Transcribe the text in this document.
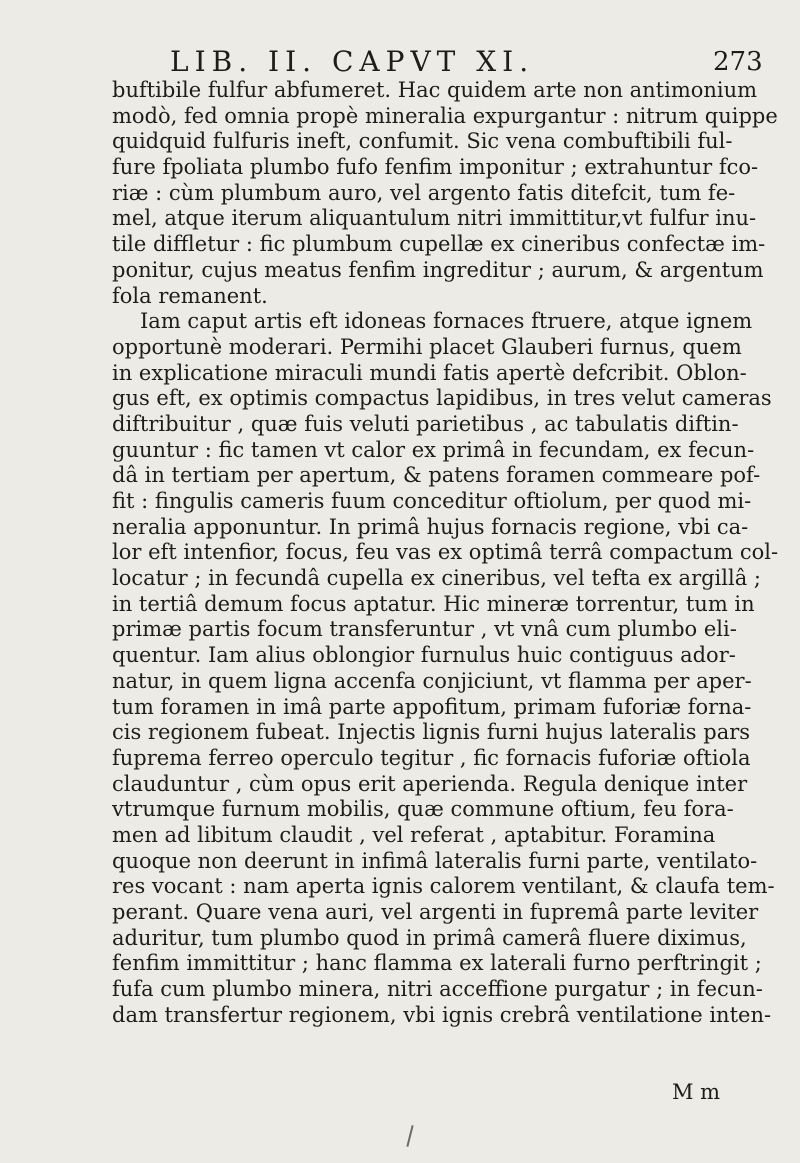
LIB. II. CAPVT XI.	273
buftibile fulfur abfumeret. Hac quidem arte non antimonium
modò, fed omnia propè mineralia expurgantur : nitrum quippe
quidquid fulfuris ineft, confumit. Sic vena combuftibili ful-
fure fpoliata plumbo fufo fenfim imponitur ; extrahuntur fco-
riæ : cùm plumbum auro, vel argento fatis ditefcit, tum fe-
mel, atque iterum aliquantulum nitri immittitur,vt fulfur inu-
tile diffletur : fic plumbum cupellæ ex cineribus confectæ im-
ponitur, cujus meatus fenfim ingreditur ; aurum, & argentum
fola remanent.
Iam caput artis eft idoneas fornaces ftruere, atque ignem
opportunè moderari. Permihi placet Glauberi furnus, quem
in explicatione miraculi mundi fatis apertè defcribit. Oblon-
gus eft, ex optimis compactus lapidibus, in tres velut cameras
diftribuitur , quæ fuis veluti parietibus , ac tabulatis diftin-
guuntur : fic tamen vt calor ex primâ in fecundam, ex fecun-
dâ in tertiam per apertum, & patens foramen commeare pof-
fit : fingulis cameris fuum conceditur oftiolum, per quod mi-
neralia apponuntur. In primâ hujus fornacis regione, vbi ca-
lor eft intenfior, focus, feu vas ex optimâ terrâ compactum col-
locatur ; in fecundâ cupella ex cineribus, vel tefta ex argillâ ;
in tertiâ demum focus aptatur. Hic mineræ torrentur, tum in
primæ partis focum transferuntur , vt vnâ cum plumbo eli-
quentur. Iam alius oblongior furnulus huic contiguus ador-
natur, in quem ligna accenfa conjiciunt, vt flamma per aper-
tum foramen in imâ parte appofitum, primam fuforiæ forna-
cis regionem fubeat. Injectis lignis furni hujus lateralis pars
fuprema ferreo operculo tegitur , fic fornacis fuforiæ oftiola
clauduntur , cùm opus erit aperienda. Regula denique inter
vtrumque furnum mobilis, quæ commune oftium, feu fora-
men ad libitum claudit , vel referat , aptabitur. Foramina
quoque non deerunt in infimâ lateralis furni parte, ventilato-
res vocant : nam aperta ignis calorem ventilant, & claufa tem-
perant. Quare vena auri, vel argenti in fupremâ parte leviter
aduritur, tum plumbo quod in primâ camerâ fluere diximus,
fenfim immittitur ; hanc flamma ex laterali furno perftringit ;
fufa cum plumbo minera, nitri acceffione purgatur ; in fecun-
dam transfertur regionem, vbi ignis crebrâ ventilatione inten-
M m
